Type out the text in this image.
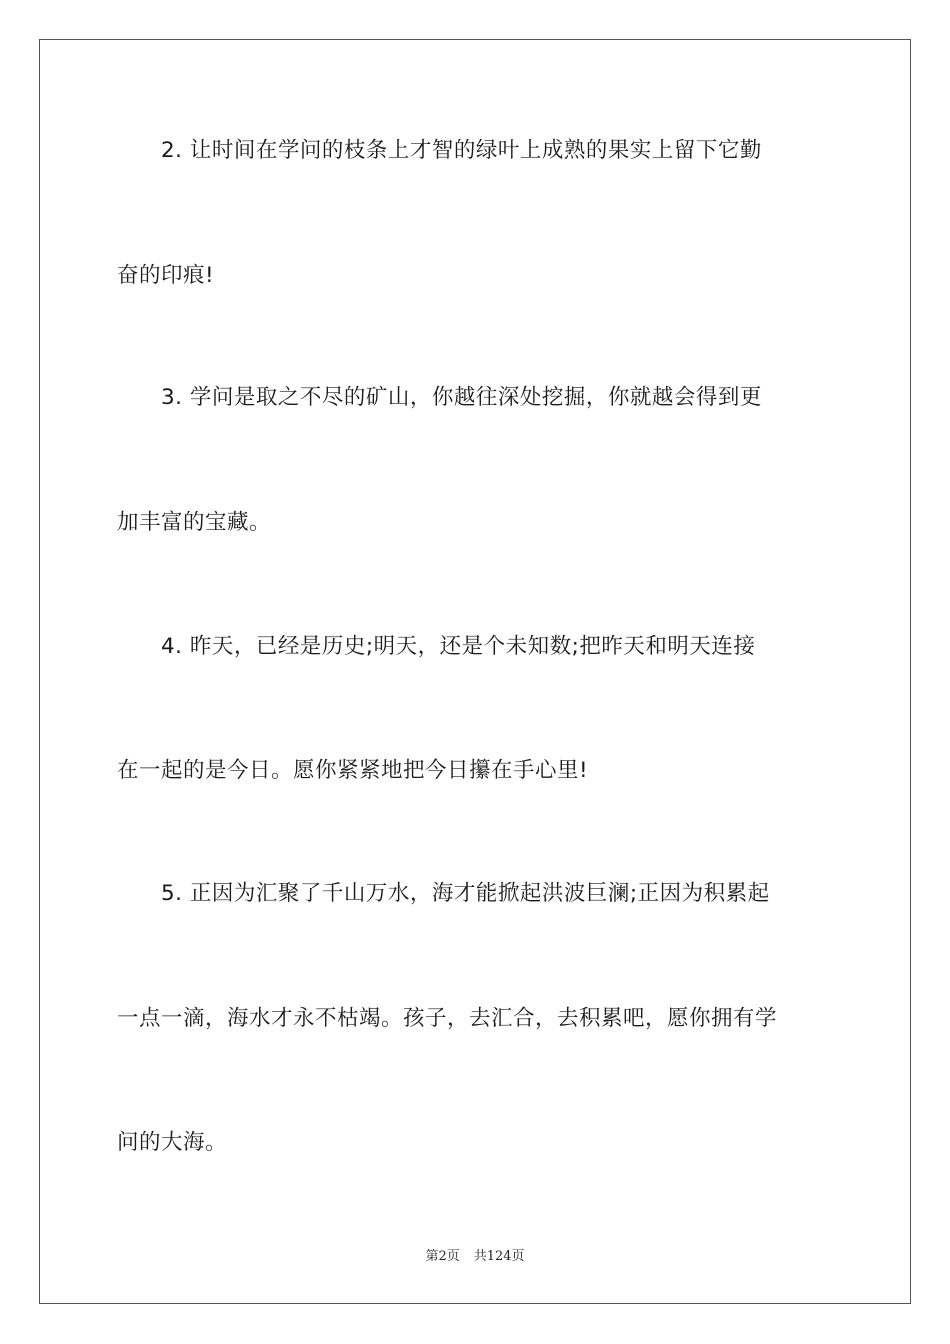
2. 让时间在学问的枝条上才智的绿叶上成熟的果实上留下它勤
奋的印痕!
3. 学问是取之不尽的矿山，你越往深处挖掘，你就越会得到更
加丰富的宝藏。
4. 昨天，已经是历史;明天，还是个未知数;把昨天和明天连接
在一起的是今日。愿你紧紧地把今日攥在手心里!
5. 正因为汇聚了千山万水，海才能掀起洪波巨澜;正因为积累起
一点一滴，海水才永不枯竭。孩子，去汇合，去积累吧，愿你拥有学
问的大海。
第2页 共124页
